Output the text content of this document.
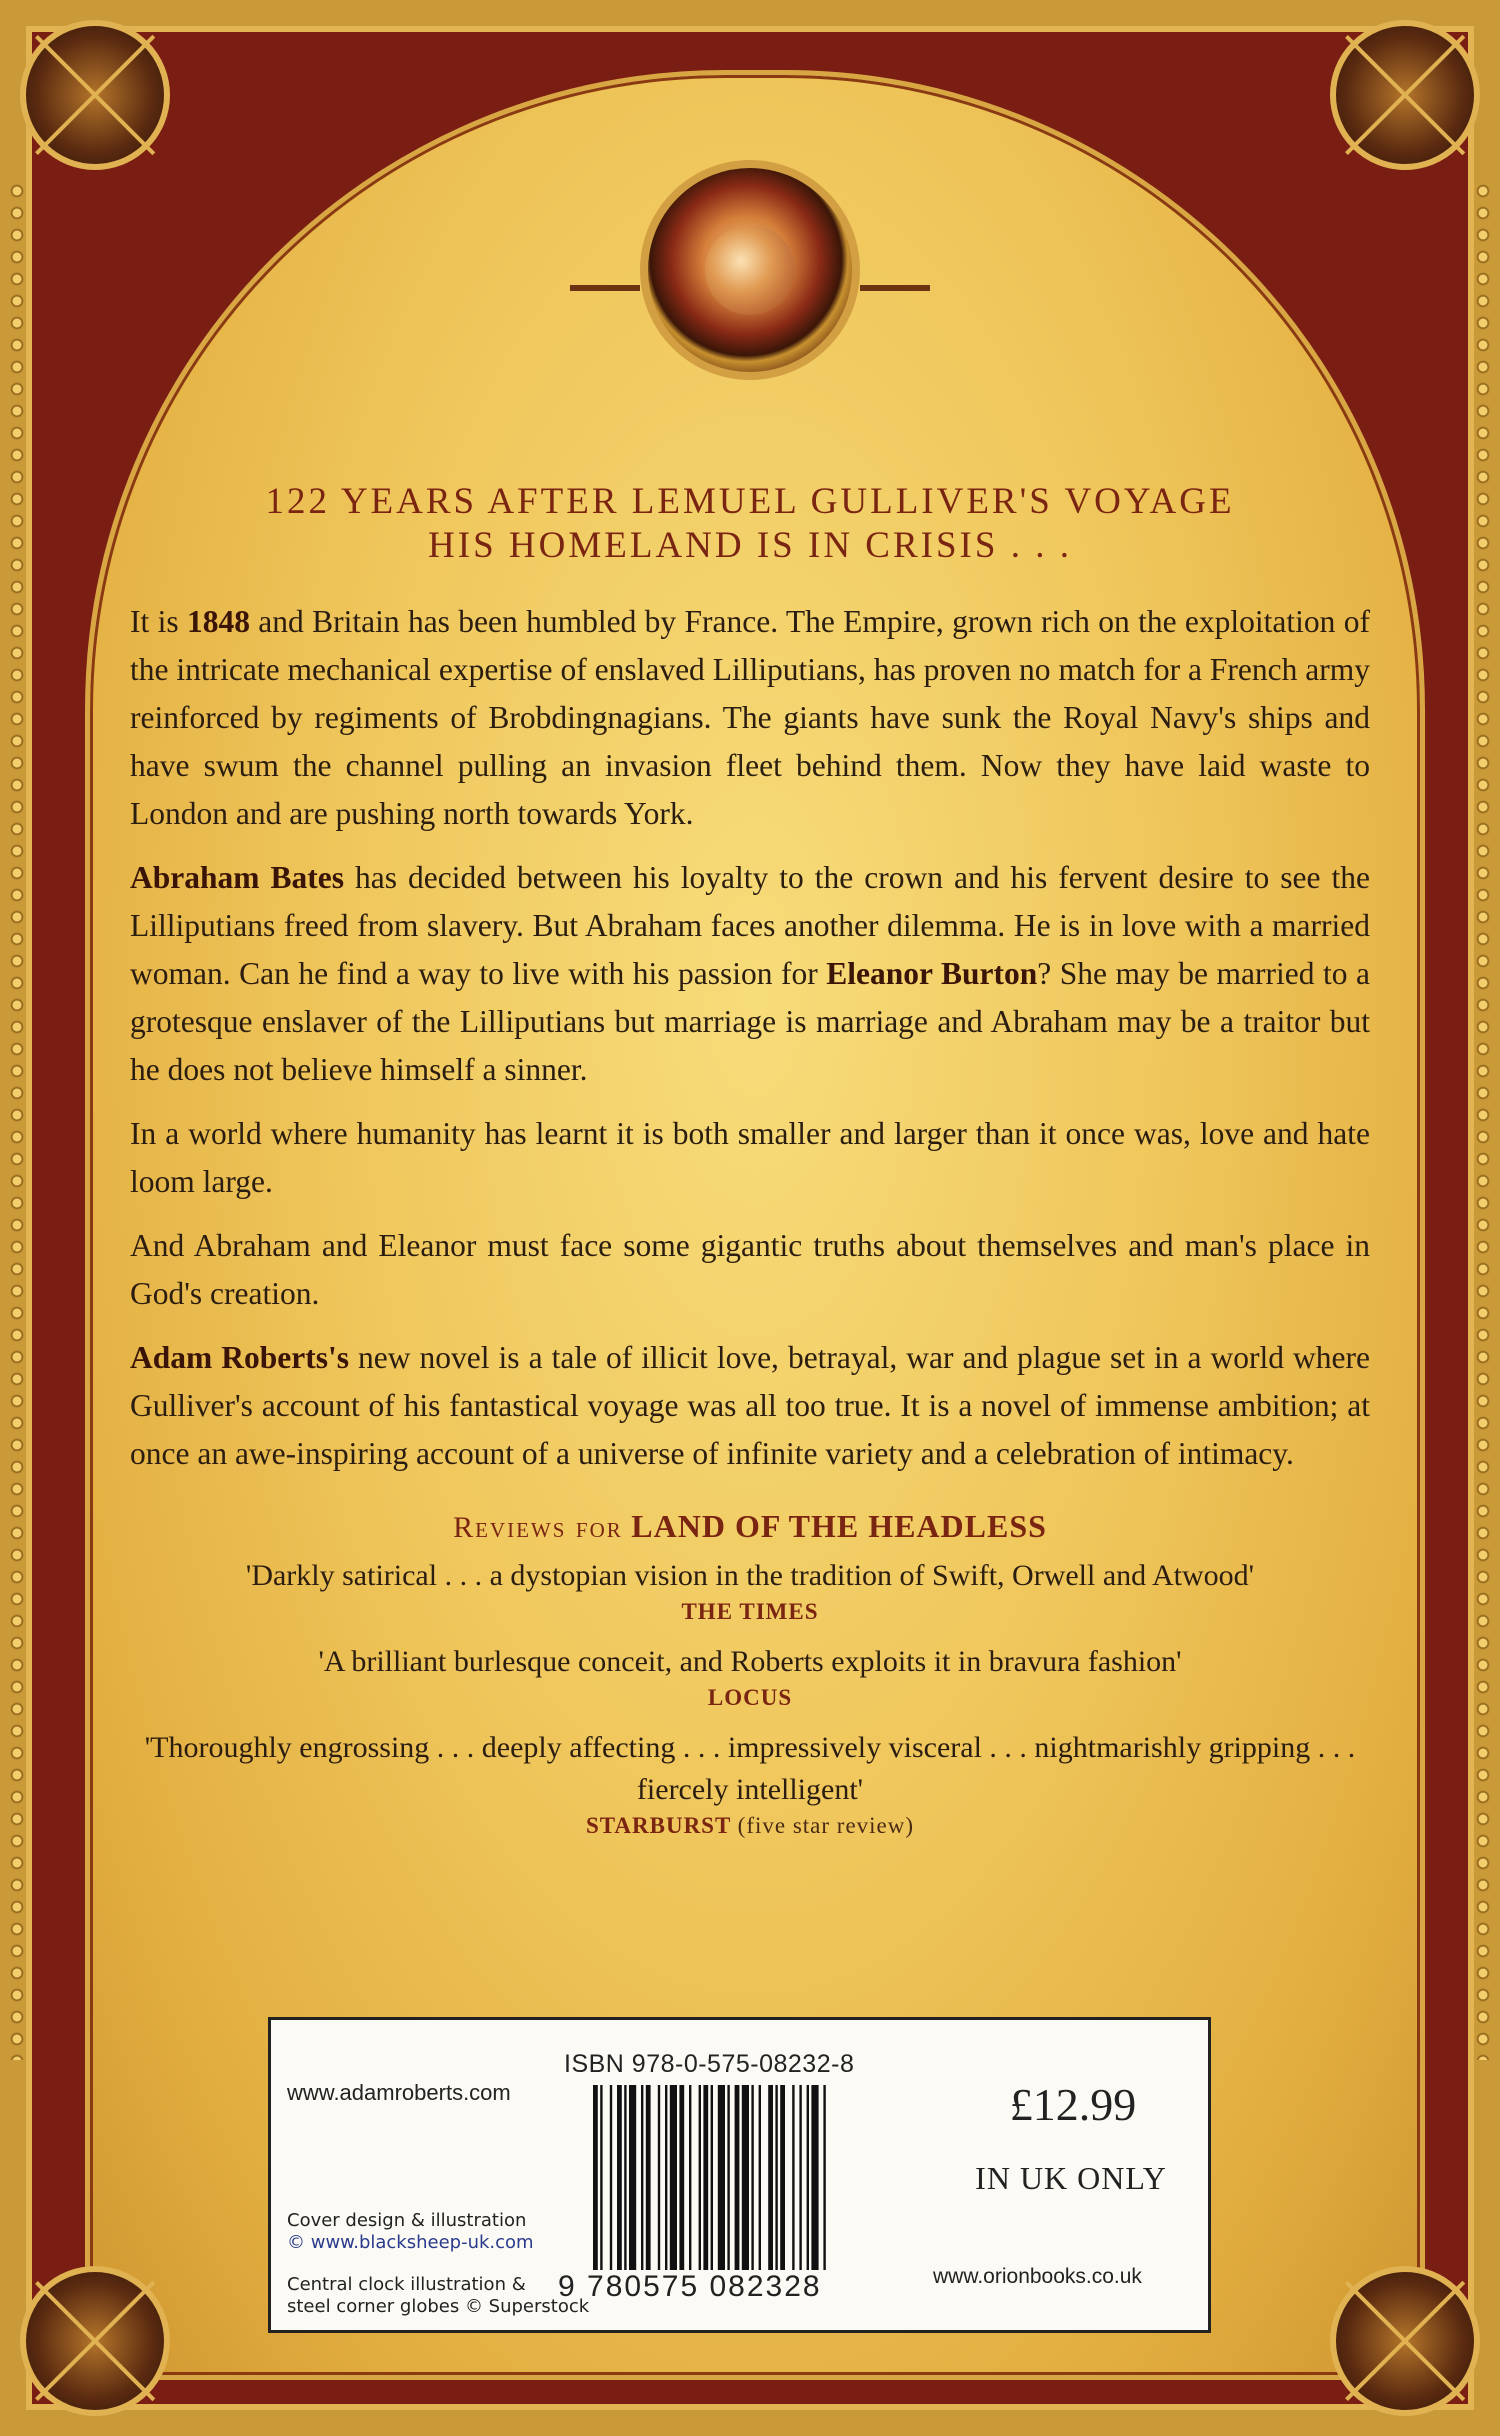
122 YEARS AFTER LEMUEL GULLIVER'S VOYAGE
HIS HOMELAND IS IN CRISIS . . .

It is 1848 and Britain has been humbled by France. The Empire, grown rich on the exploitation of the intricate mechanical expertise of enslaved Lilliputians, has proven no match for a French army reinforced by regiments of Brobdingnagians. The giants have sunk the Royal Navy's ships and have swum the channel pulling an invasion fleet behind them. Now they have laid waste to London and are pushing north towards York.

Abraham Bates has decided between his loyalty to the crown and his fervent desire to see the Lilliputians freed from slavery. But Abraham faces another dilemma. He is in love with a married woman. Can he find a way to live with his passion for Eleanor Burton? She may be married to a grotesque enslaver of the Lilliputians but marriage is marriage and Abraham may be a traitor but he does not believe himself a sinner.

In a world where humanity has learnt it is both smaller and larger than it once was, love and hate loom large.

And Abraham and Eleanor must face some gigantic truths about themselves and man's place in God's creation.

Adam Roberts's new novel is a tale of illicit love, betrayal, war and plague set in a world where Gulliver's account of his fantastical voyage was all too true. It is a novel of immense ambition; at once an awe-inspiring account of a universe of infinite variety and a celebration of intimacy.

Reviews for LAND OF THE HEADLESS
'Darkly satirical . . . a dystopian vision in the tradition of Swift, Orwell and Atwood'
THE TIMES
'A brilliant burlesque conceit, and Roberts exploits it in bravura fashion'
LOCUS
'Thoroughly engrossing . . . deeply affecting . . . impressively visceral . . . nightmarishly gripping . . . fiercely intelligent'
STARBURST (five star review)
www.adamroberts.com
Cover design & illustration
© www.blacksheep-uk.com
Central clock illustration &
steel corner globes © Superstock
ISBN 978-0-575-08232-8
9 780575 082328
£12.99
IN UK ONLY
www.orionbooks.co.uk
